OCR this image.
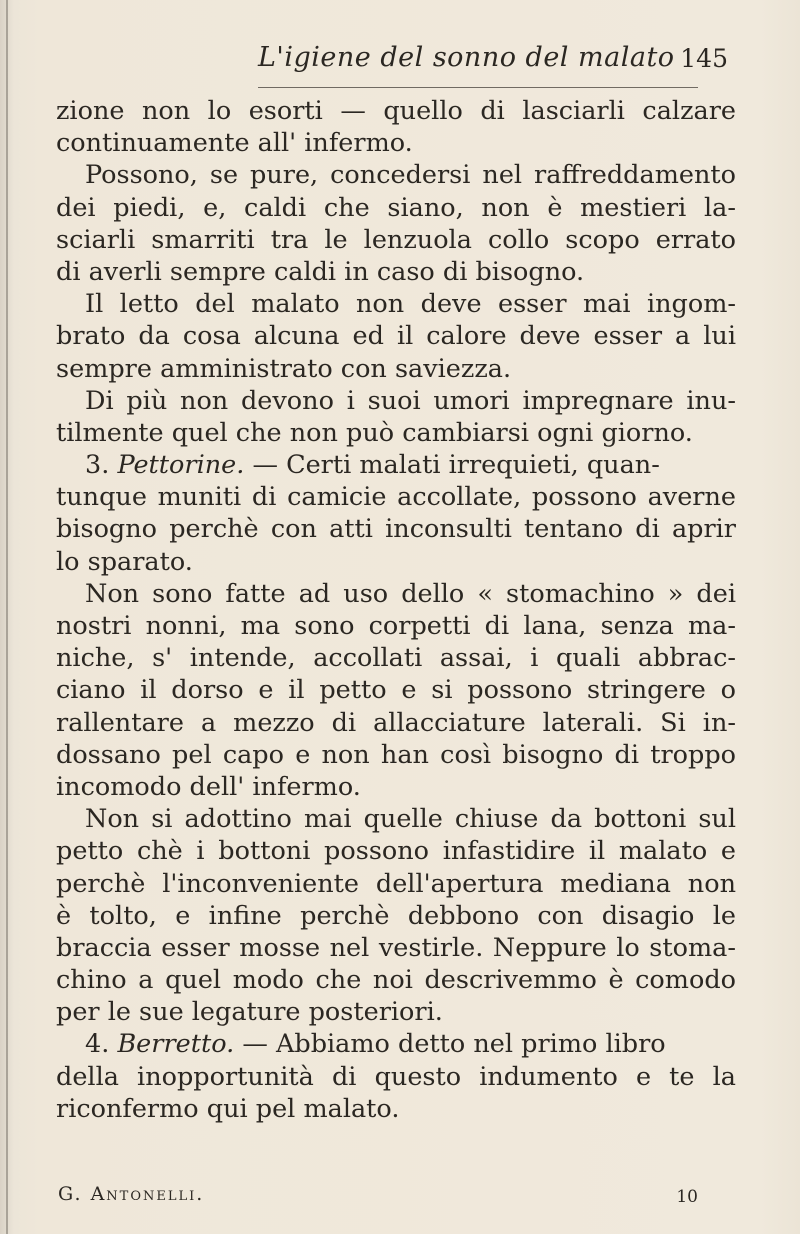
L'igiene del sonno del malato 145
zione non lo esorti — quello di lasciarli calzare
continuamente all' infermo.
Possono, se pure, concedersi nel raffreddamento
dei piedi, e, caldi che siano, non è mestieri la-
sciarli smarriti tra le lenzuola collo scopo errato
di averli sempre caldi in caso di bisogno.
Il letto del malato non deve esser mai ingom-
brato da cosa alcuna ed il calore deve esser a lui
sempre amministrato con saviezza.
Di più non devono i suoi umori impregnare inu-
tilmente quel che non può cambiarsi ogni giorno.
3. Pettorine. — Certi malati irrequieti, quan-
tunque muniti di camicie accollate, possono averne
bisogno perchè con atti inconsulti tentano di aprir
lo sparato.
Non sono fatte ad uso dello « stomachino » dei
nostri nonni, ma sono corpetti di lana, senza ma-
niche, s' intende, accollati assai, i quali abbrac-
ciano il dorso e il petto e si possono stringere o
rallentare a mezzo di allacciature laterali. Si in-
dossano pel capo e non han così bisogno di troppo
incomodo dell' infermo.
Non si adottino mai quelle chiuse da bottoni sul
petto chè i bottoni possono infastidire il malato e
perchè l'inconveniente dell'apertura mediana non
è tolto, e infine perchè debbono con disagio le
braccia esser mosse nel vestirle. Neppure lo stoma-
chino a quel modo che noi descrivemmo è comodo
per le sue legature posteriori.
4. Berretto. — Abbiamo detto nel primo libro
della inopportunità di questo indumento e te la
riconfermo qui pel malato.
G. Antonelli.	10
